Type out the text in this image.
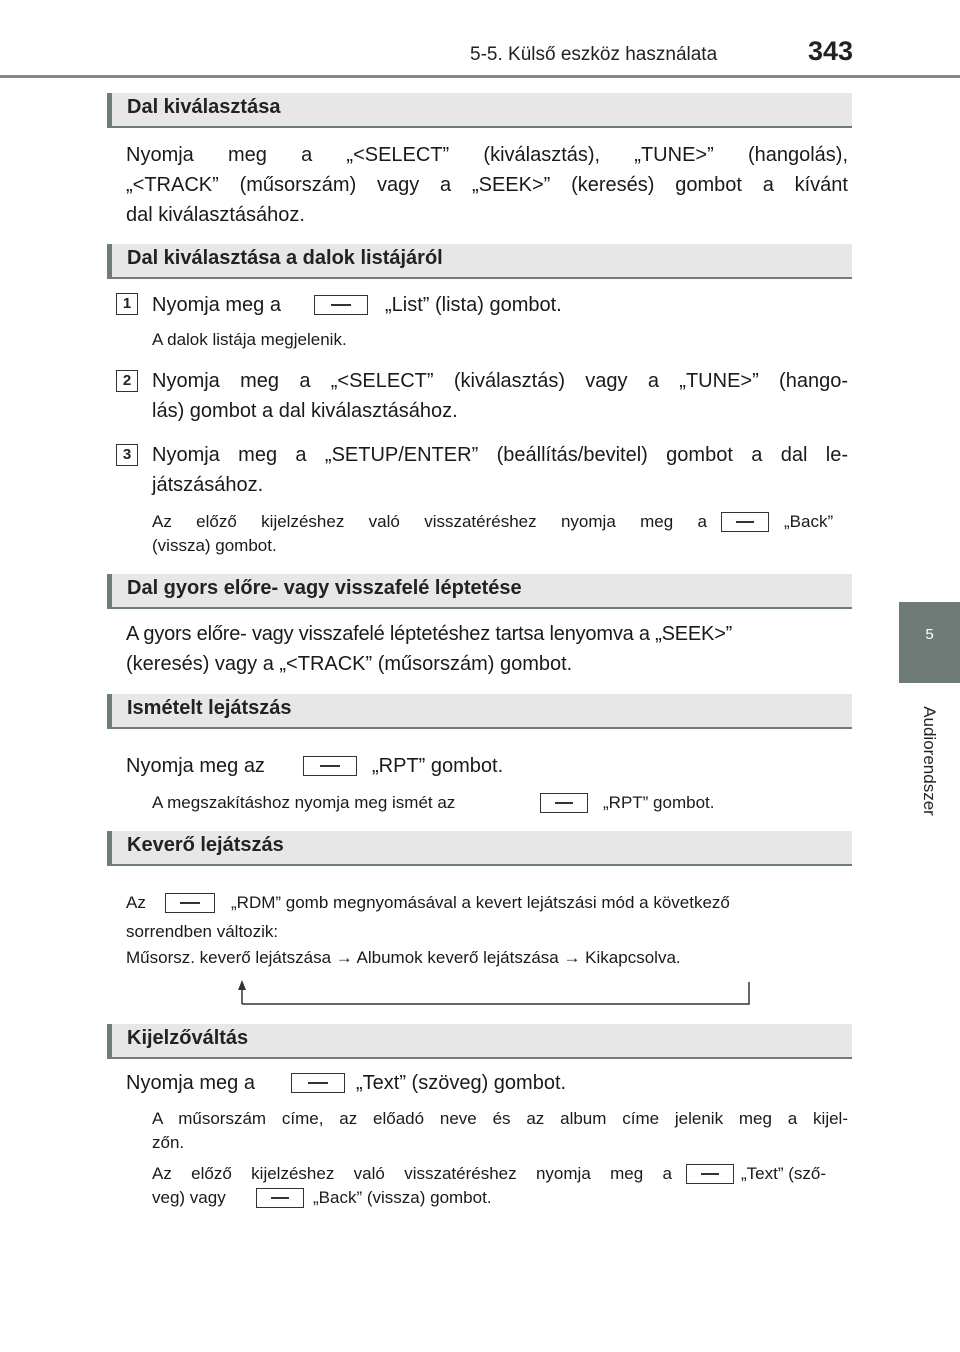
5-5. Külső eszköz használata	343
5
Audiorendszer
Dal kiválasztása
Nyomja meg a „<SELECT” (kiválasztás), „TUNE>” (hangolás),
„<TRACK” (műsorszám) vagy a „SEEK>” (keresés) gombot a kívánt
dal kiválasztásához.
Dal kiválasztása a dalok listájáról
1	Nyomja meg a	„List” (lista) gombot.
A dalok listája megjelenik.
2	Nyomja meg a „<SELECT” (kiválasztás) vagy a „TUNE>” (hango-
lás) gombot a dal kiválasztásához.
3	Nyomja meg a „SETUP/ENTER” (beállítás/bevitel) gombot a dal le-
játszásához.
Az előző kijelzéshez való visszatéréshez nyomja meg a	„Back”
(vissza) gombot.
Dal gyors előre- vagy visszafelé léptetése
A gyors előre- vagy visszafelé léptetéshez tartsa lenyomva a „SEEK>”
(keresés) vagy a „<TRACK” (műsorszám) gombot.
Ismételt lejátszás
Nyomja meg az	„RPT” gombot.
A megszakításhoz nyomja meg ismét az	„RPT” gombot.
Keverő lejátszás
Az	„RDM” gomb megnyomásával a kevert lejátszási mód a következő
sorrendben változik:
Műsorsz. keverő lejátszása → Albumok keverő lejátszása → Kikapcsolva.
Kijelzőváltás
Nyomja meg a	„Text” (szöveg) gombot.
A műsorszám címe, az előadó neve és az album címe jelenik meg a kijel-
zőn.
Az előző kijelzéshez való visszatéréshez nyomja meg a	„Text” (sző-
veg) vagy	„Back” (vissza) gombot.
